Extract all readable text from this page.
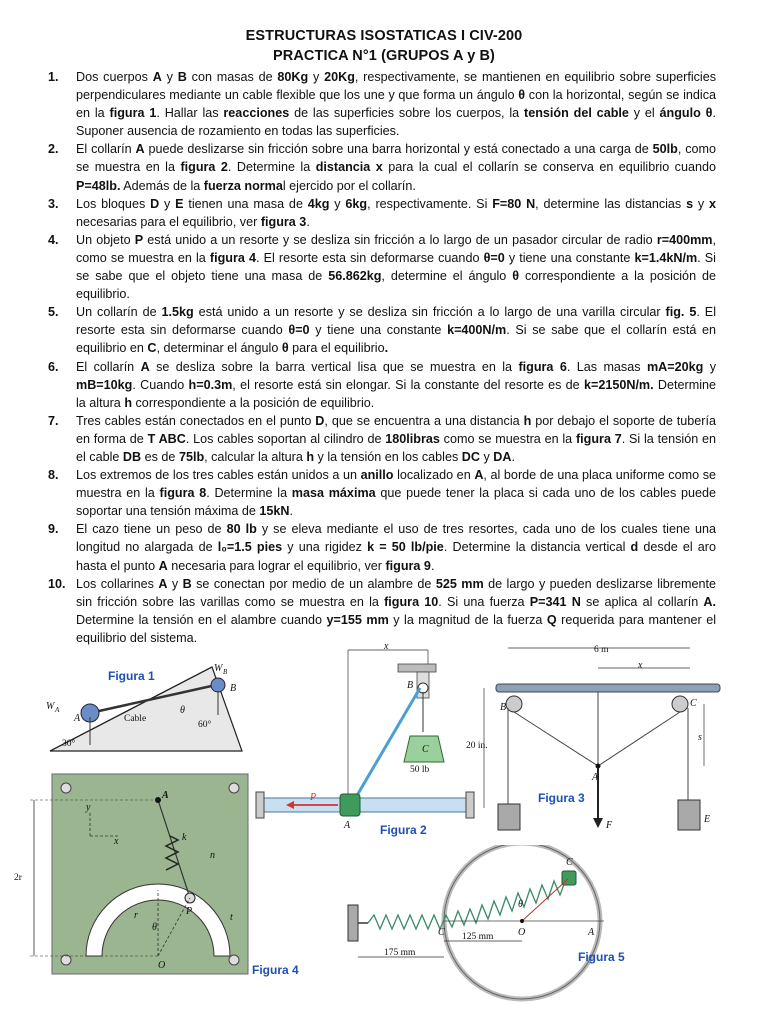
ESTRUCTURAS ISOSTATICAS I CIV-200
PRACTICA N°1 (GRUPOS A y B)
1. Dos cuerpos A y B con masas de 80Kg y 20Kg, respectivamente, se mantienen en equilibrio sobre superficies perpendiculares mediante un cable flexible que los une y que forma un ángulo θ con la horizontal, según se indica en la figura 1. Hallar las reacciones de las superficies sobre los cuerpos, la tensión del cable y el ángulo θ. Suponer ausencia de rozamiento en todas las superficies.
2. El collarín A puede deslizarse sin fricción sobre una barra horizontal y está conectado a una carga de 50lb, como se muestra en la figura 2. Determine la distancia x para la cual el collarín se conserva en equilibrio cuando P=48lb. Además de la fuerza normal ejercido por el collarín.
3. Los bloques D y E tienen una masa de 4kg y 6kg, respectivamente. Si F=80 N, determine las distancias s y x necesarias para el equilibrio, ver figura 3.
4. Un objeto P está unido a un resorte y se desliza sin fricción a lo largo de un pasador circular de radio r=400mm, como se muestra en la figura 4. El resorte esta sin deformarse cuando θ=0 y tiene una constante k=1.4kN/m. Si se sabe que el objeto tiene una masa de 56.862kg, determine el ángulo θ correspondiente a la posición de equilibrio.
5. Un collarín de 1.5kg está unido a un resorte y se desliza sin fricción a lo largo de una varilla circular fig. 5. El resorte esta sin deformarse cuando θ=0 y tiene una constante k=400N/m. Si se sabe que el collarín está en equilibrio en C, determinar el ángulo θ para el equilibrio.
6. El collarín A se desliza sobre la barra vertical lisa que se muestra en la figura 6. Las masas mA=20kg y mB=10kg. Cuando h=0.3m, el resorte está sin elongar. Si la constante del resorte es de k=2150N/m. Determine la altura h correspondiente a la posición de equilibrio.
7. Tres cables están conectados en el punto D, que se encuentra a una distancia h por debajo el soporte de tubería en forma de T ABC. Los cables soportan al cilindro de 180libras como se muestra en la figura 7. Si la tensión en el cable DB es de 75lb, calcular la altura h y la tensión en los cables DC y DA.
8. Los extremos de los tres cables están unidos a un anillo localizado en A, al borde de una placa uniforme como se muestra en la figura 8. Determine la masa máxima que puede tener la placa si cada uno de los cables puede soportar una tensión máxima de 15kN.
9. El cazo tiene un peso de 80 lb y se eleva mediante el uso de tres resortes, cada uno de los cuales tiene una longitud no alargada de l₀=1.5 pies y una rigidez k = 50 lb/pie. Determine la distancia vertical d desde el aro hasta el punto A necesaria para lograr el equilibrio, ver figura 9.
10. Los collarines A y B se conectan por medio de un alambre de 525 mm de largo y pueden deslizarse libremente sin fricción sobre las varillas como se muestra en la figura 10. Si una fuerza P=341 N se aplica al collarín A. Determine la tensión en el alambre cuando y=155 mm y la magnitud de la fuerza Q requerida para mantener el equilibrio del sistema.
Figura 1
W A
A
W B
B
Cable
θ
30°
60°
A
y
x	k
n
P
r	t
θ
O
2r
Figura 4
x
B
C
50 lb
20 in.
P
A Figura 2
6 m
x
B	C
A
F
s
E
Figura 3
C
θ
C	O	A
125 mm
175 mm	Figura 5
